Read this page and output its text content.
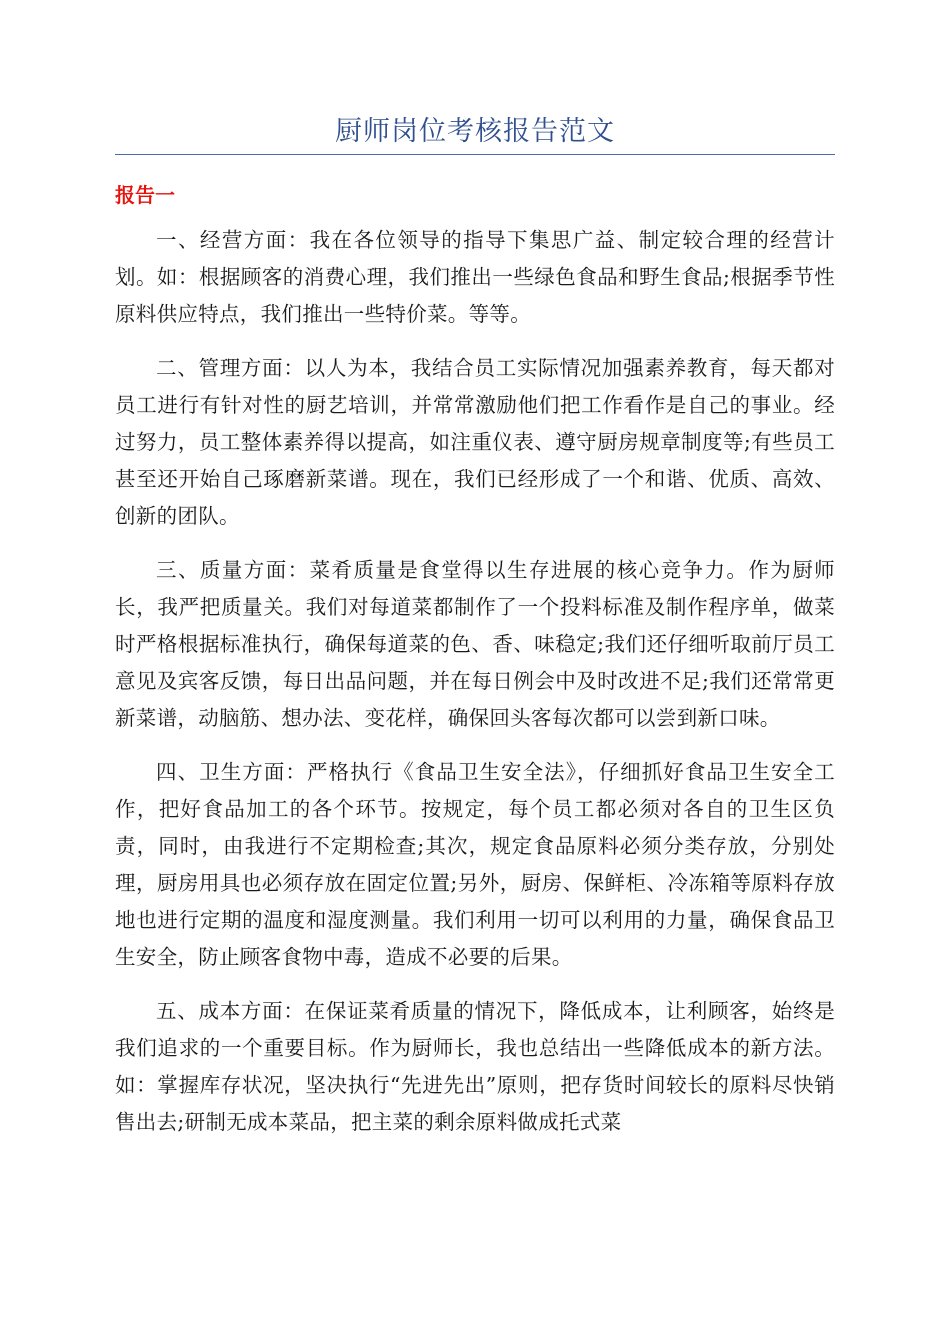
厨师岗位考核报告范文
报告一

一、经营方面：我在各位领导的指导下集思广益、制定较合理的经营计划。如：根据顾客的消费心理，我们推出一些绿色食品和野生食品;根据季节性原料供应特点，我们推出一些特价菜。等等。

二、管理方面：以人为本，我结合员工实际情况加强素养教育，每天都对员工进行有针对性的厨艺培训，并常常激励他们把工作看作是自己的事业。经过努力，员工整体素养得以提高，如注重仪表、遵守厨房规章制度等;有些员工甚至还开始自己琢磨新菜谱。现在，我们已经形成了一个和谐、优质、高效、创新的团队。

三、质量方面：菜肴质量是食堂得以生存进展的核心竞争力。作为厨师长，我严把质量关。我们对每道菜都制作了一个投料标准及制作程序单，做菜时严格根据标准执行，确保每道菜的色、香、味稳定;我们还仔细听取前厅员工意见及宾客反馈，每日出品问题，并在每日例会中及时改进不足;我们还常常更新菜谱，动脑筋、想办法、变花样，确保回头客每次都可以尝到新口味。

四、卫生方面：严格执行《食品卫生安全法》，仔细抓好食品卫生安全工作，把好食品加工的各个环节。按规定，每个员工都必须对各自的卫生区负责，同时，由我进行不定期检查;其次，规定食品原料必须分类存放，分别处理，厨房用具也必须存放在固定位置;另外，厨房、保鲜柜、冷冻箱等原料存放地也进行定期的温度和湿度测量。我们利用一切可以利用的力量，确保食品卫生安全，防止顾客食物中毒，造成不必要的后果。

五、成本方面：在保证菜肴质量的情况下，降低成本，让利顾客，始终是我们追求的一个重要目标。作为厨师长，我也总结出一些降低成本的新方法。如：掌握库存状况，坚决执行“先进先出”原则，把存货时间较长的原料尽快销售出去;研制无成本菜品，把主菜的剩余原料做成托式菜
